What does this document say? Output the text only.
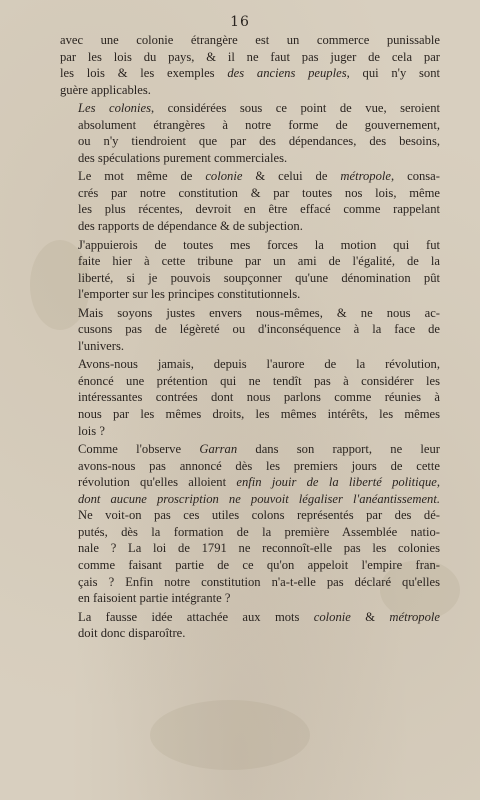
16
avec une colonie étrangère est un commerce punissable
par les lois du pays, & il ne faut pas juger de cela par
les lois & les exemples des anciens peuples, qui n'y sont
guère applicables.
Les colonies, considérées sous ce point de vue, seroient
absolument étrangères à notre forme de gouvernement,
ou n'y tiendroient que par des dépendances, des besoins,
des spéculations purement commerciales.
Le mot même de colonie & celui de métropole, consa-
crés par notre constitution & par toutes nos lois, même
les plus récentes, devroit en être effacé comme rappelant
des rapports de dépendance & de subjection.
J'appuierois de toutes mes forces la motion qui fut
faite hier à cette tribune par un ami de l'égalité, de la
liberté, si je pouvois soupçonner qu'une dénomination pût
l'emporter sur les principes constitutionnels.
Mais soyons justes envers nous-mêmes, & ne nous ac-
cusons pas de légèreté ou d'inconséquence à la face de
l'univers.
Avons-nous jamais, depuis l'aurore de la révolution,
énoncé une prétention qui ne tendît pas à considérer les
intéressantes contrées dont nous parlons comme réunies à
nous par les mêmes droits, les mêmes intérêts, les mêmes
lois ?
Comme l'observe Garran dans son rapport, ne leur
avons-nous pas annoncé dès les premiers jours de cette
révolution qu'elles alloient enfin jouir de la liberté politique,
dont aucune proscription ne pouvoit légaliser l'anéantissement.
Ne voit-on pas ces utiles colons représentés par des dé-
putés, dès la formation de la première Assemblée natio-
nale ? La loi de 1791 ne reconnoît-elle pas les colonies
comme faisant partie de ce qu'on appeloit l'empire fran-
çais ? Enfin notre constitution n'a-t-elle pas déclaré qu'elles
en faisoient partie intégrante ?
La fausse idée attachée aux mots colonie & métropole
doit donc disparoître.
